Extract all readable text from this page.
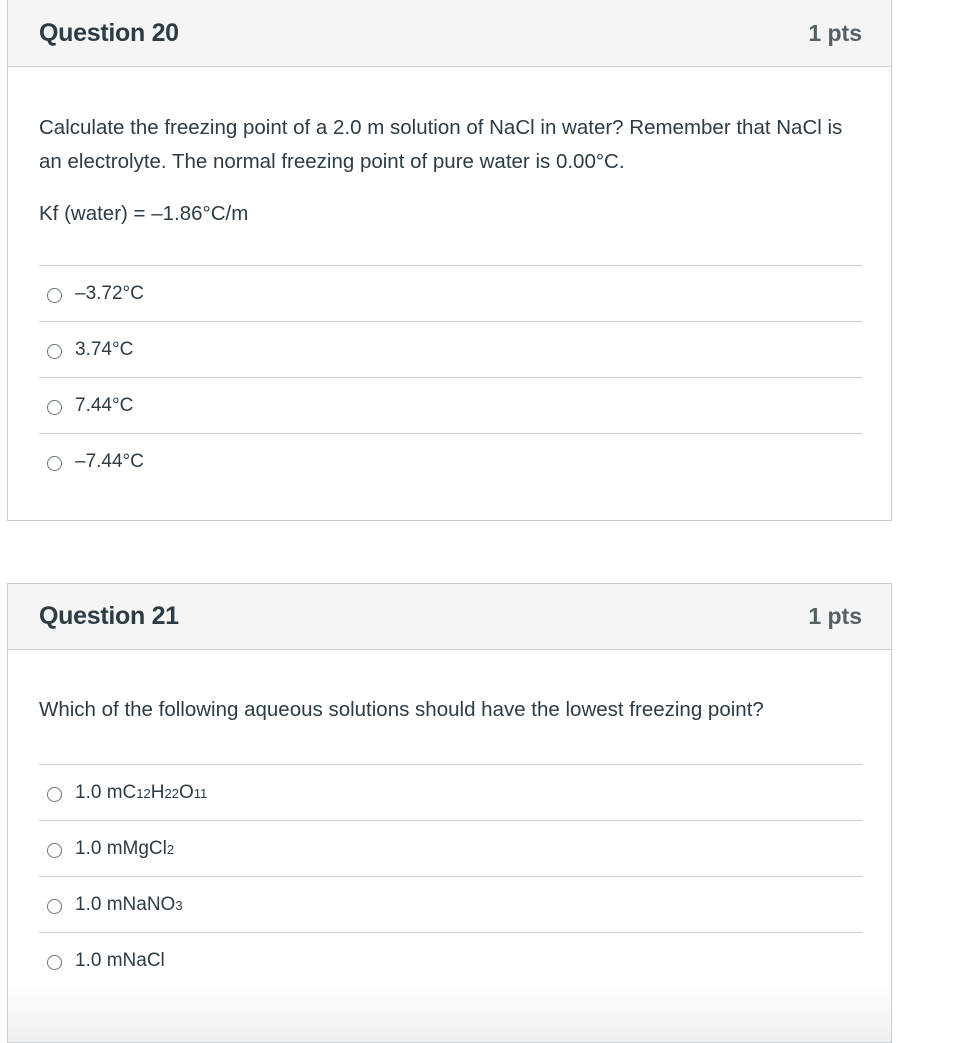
Question 20	1 pts

Calculate the freezing point of a 2.0 m solution of NaCl in water? Remember that NaCl is an electrolyte. The normal freezing point of pure water is 0.00°C.

Kf (water) = –1.86°C/m

–3.72°C
3.74°C
7.44°C
–7.44°C
Question 21	1 pts

Which of the following aqueous solutions should have the lowest freezing point?

1.0 m C 12 H 22 O 11
1.0 m MgCl 2
1.0 m NaNO 3
1.0 m NaCl
